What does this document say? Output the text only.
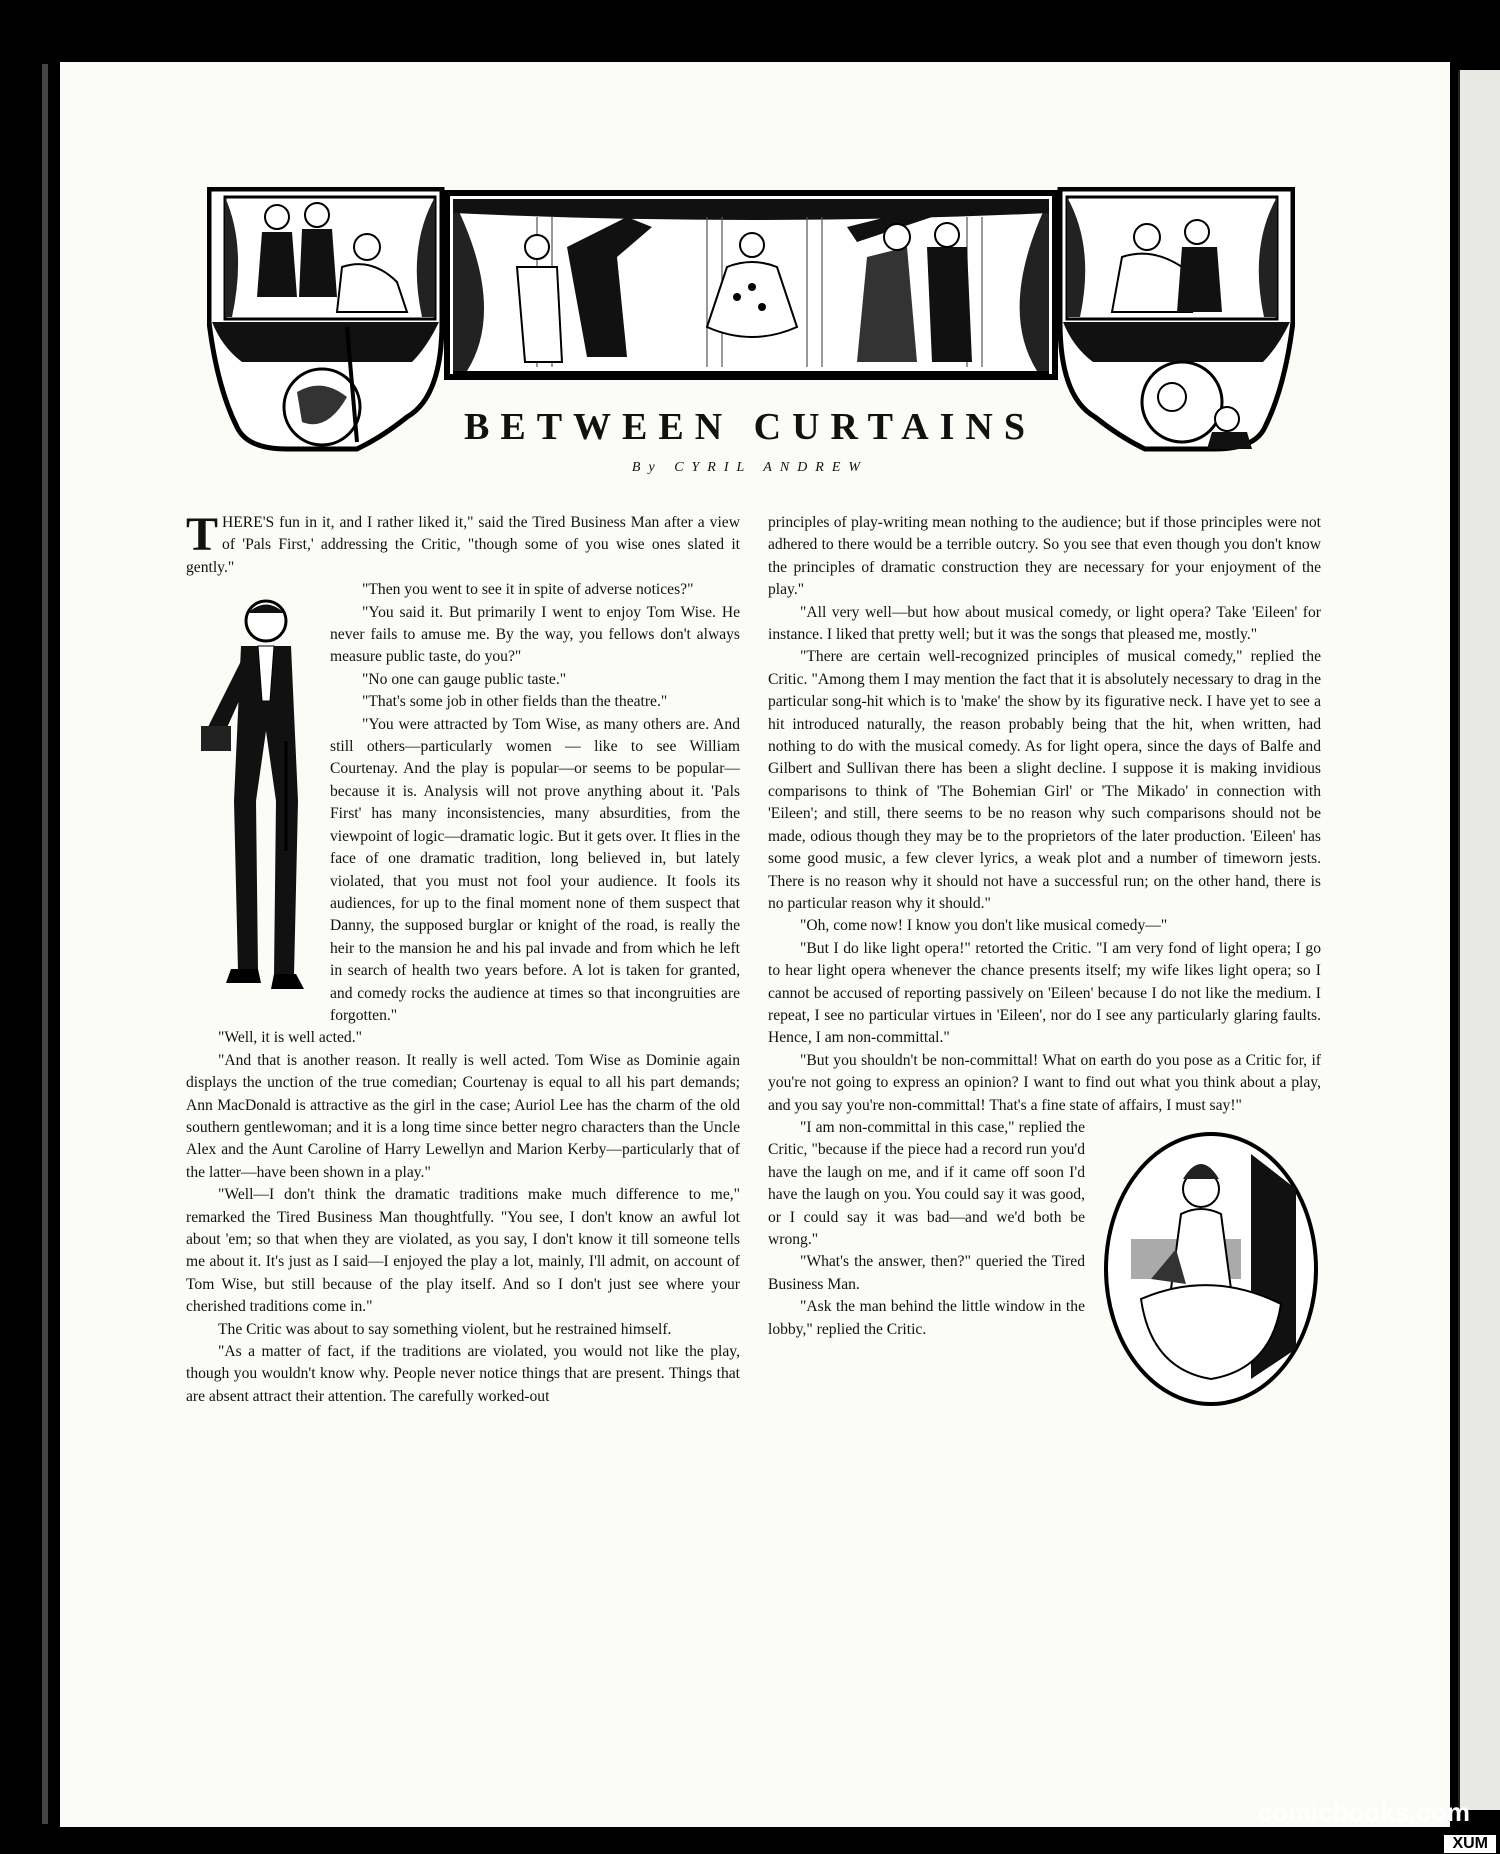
BETWEEN CURTAINS
By CYRIL ANDREW

THERE'S fun in it, and I rather liked it," said the Tired Business Man after a view of 'Pals First,' addressing the Critic, "though some of you wise ones slated it gently."

"Then you went to see it in spite of adverse notices?"

"You said it. But primarily I went to enjoy Tom Wise. He never fails to amuse me. By the way, you fellows don't always measure public taste, do you?"

"No one can gauge public taste."

"That's some job in other fields than the theatre."

"You were attracted by Tom Wise, as many others are. And still others—particularly women — like to see William Courtenay. And the play is popular—or seems to be popular—because it is. Analysis will not prove anything about it. 'Pals First' has many inconsistencies, many absurdities, from the viewpoint of logic—dramatic logic. But it gets over. It flies in the face of one dramatic tradition, long believed in, but lately violated, that you must not fool your audience. It fools its audiences, for up to the final moment none of them suspect that Danny, the supposed burglar or knight of the road, is really the heir to the mansion he and his pal invade and from which he left in search of health two years before. A lot is taken for granted, and comedy rocks the audience at times so that incongruities are forgotten."

"Well, it is well acted."

"And that is another reason. It really is well acted. Tom Wise as Dominie again displays the unction of the true comedian; Courtenay is equal to all his part demands; Ann MacDonald is attractive as the girl in the case; Auriol Lee has the charm of the old southern gentlewoman; and it is a long time since better negro characters than the Uncle Alex and the Aunt Caroline of Harry Lewellyn and Marion Kerby—particularly that of the latter—have been shown in a play."

"Well—I don't think the dramatic traditions make much difference to me," remarked the Tired Business Man thoughtfully. "You see, I don't know an awful lot about 'em; so that when they are violated, as you say, I don't know it till someone tells me about it. It's just as I said—I enjoyed the play a lot, mainly, I'll admit, on account of Tom Wise, but still because of the play itself. And so I don't just see where your cherished traditions come in."

The Critic was about to say something violent, but he restrained himself.

"As a matter of fact, if the traditions are violated, you would not like the play, though you wouldn't know why. People never notice things that are present. Things that are absent attract their attention. The carefully worked-out

principles of play-writing mean nothing to the audience; but if those principles were not adhered to there would be a terrible outcry. So you see that even though you don't know the principles of dramatic construction they are necessary for your enjoyment of the play."

"All very well—but how about musical comedy, or light opera? Take 'Eileen' for instance. I liked that pretty well; but it was the songs that pleased me, mostly."

"There are certain well-recognized principles of musical comedy," replied the Critic. "Among them I may mention the fact that it is absolutely necessary to drag in the particular song-hit which is to 'make' the show by its figurative neck. I have yet to see a hit introduced naturally, the reason probably being that the hit, when written, had nothing to do with the musical comedy. As for light opera, since the days of Balfe and Gilbert and Sullivan there has been a slight decline. I suppose it is making invidious comparisons to think of 'The Bohemian Girl' or 'The Mikado' in connection with 'Eileen'; and still, there seems to be no reason why such comparisons should not be made, odious though they may be to the proprietors of the later production. 'Eileen' has some good music, a few clever lyrics, a weak plot and a number of timeworn jests. There is no reason why it should not have a successful run; on the other hand, there is no particular reason why it should."

"Oh, come now! I know you don't like musical comedy—"

"But I do like light opera!" retorted the Critic. "I am very fond of light opera; I go to hear light opera whenever the chance presents itself; my wife likes light opera; so I cannot be accused of reporting passively on 'Eileen' because I do not like the medium. I repeat, I see no particular virtues in 'Eileen', nor do I see any particularly glaring faults. Hence, I am non-committal."

"But you shouldn't be non-committal! What on earth do you pose as a Critic for, if you're not going to express an opinion? I want to find out what you think about a play, and you say you're non-committal! That's a fine state of affairs, I must say!"

"I am non-committal in this case," replied the Critic, "because if the piece had a record run you'd have the laugh on me, and if it came off soon I'd have the laugh on you. You could say it was good, or I could say it was bad—and we'd both be wrong."

"What's the answer, then?" queried the Tired Business Man.

"Ask the man behind the little window in the lobby," replied the Critic.

comicbooks.com
XUM
